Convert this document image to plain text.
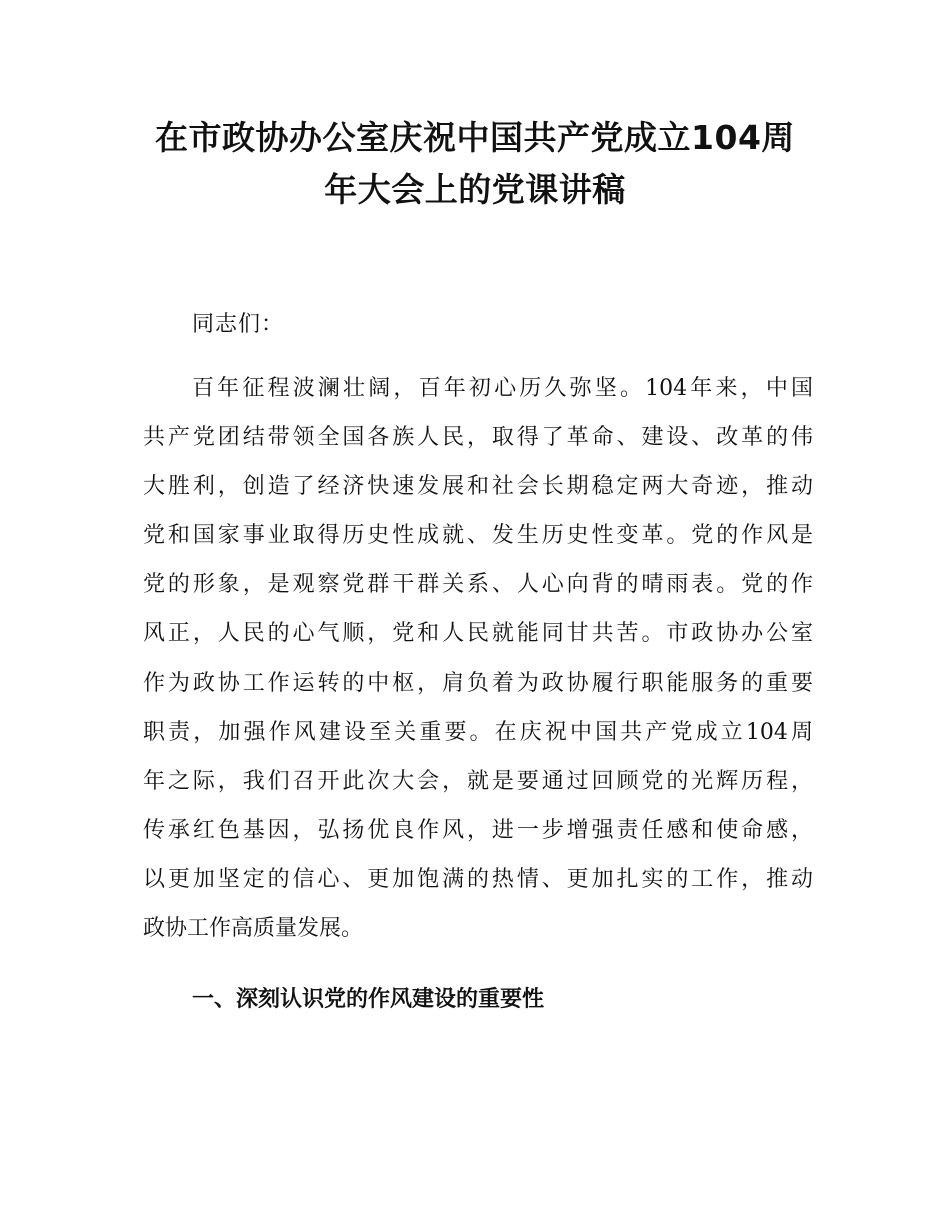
在市政协办公室庆祝中国共产党成立104周
年大会上的党课讲稿

同志们：

百年征程波澜壮阔，百年初心历久弥坚。104年来，中国
共产党团结带领全国各族人民，取得了革命、建设、改革的伟
大胜利，创造了经济快速发展和社会长期稳定两大奇迹，推动
党和国家事业取得历史性成就、发生历史性变革。党的作风是
党的形象，是观察党群干群关系、人心向背的晴雨表。党的作
风正，人民的心气顺，党和人民就能同甘共苦。市政协办公室
作为政协工作运转的中枢，肩负着为政协履行职能服务的重要
职责，加强作风建设至关重要。在庆祝中国共产党成立104周
年之际，我们召开此次大会，就是要通过回顾党的光辉历程，
传承红色基因，弘扬优良作风，进一步增强责任感和使命感，
以更加坚定的信心、更加饱满的热情、更加扎实的工作，推动
政协工作高质量发展。
一、深刻认识党的作风建设的重要性
